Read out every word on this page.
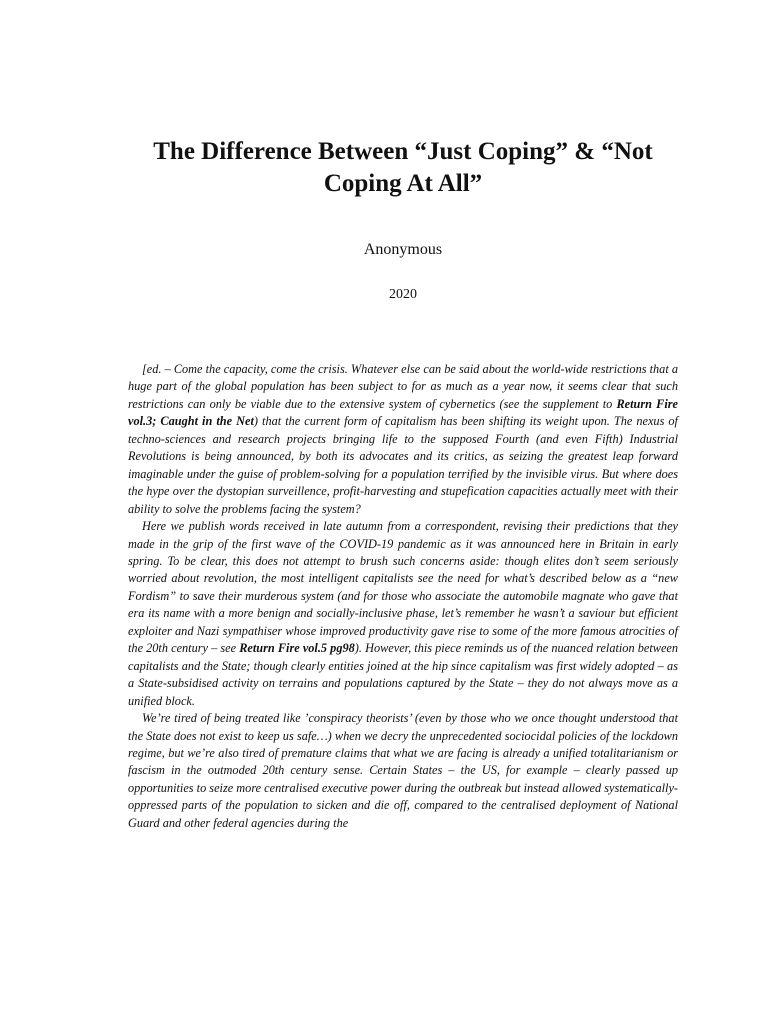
The Difference Between “Just Coping” & “Not Coping At All”
Anonymous
2020

[ed. – Come the capacity, come the crisis. Whatever else can be said about the world-wide restrictions that a huge part of the global population has been subject to for as much as a year now, it seems clear that such restrictions can only be viable due to the extensive system of cybernetics (see the supplement to Return Fire vol.3; Caught in the Net) that the current form of capitalism has been shifting its weight upon. The nexus of techno-sciences and research projects bringing life to the supposed Fourth (and even Fifth) Industrial Revolutions is being announced, by both its advocates and its critics, as seizing the greatest leap forward imaginable under the guise of problem-solving for a population terrified by the invisible virus. But where does the hype over the dystopian surveillence, profit-harvesting and stupefication capacities actually meet with their ability to solve the problems facing the system?

Here we publish words received in late autumn from a correspondent, revising their predictions that they made in the grip of the first wave of the COVID-19 pandemic as it was announced here in Britain in early spring. To be clear, this does not attempt to brush such concerns aside: though elites don’t seem seriously worried about revolution, the most intelligent capitalists see the need for what’s described below as a “new Fordism” to save their murderous system (and for those who associate the automobile magnate who gave that era its name with a more benign and socially-inclusive phase, let’s remember he wasn’t a saviour but efficient exploiter and Nazi sympathiser whose improved productivity gave rise to some of the more famous atrocities of the 20th century – see Return Fire vol.5 pg98). However, this piece reminds us of the nuanced relation between capitalists and the State; though clearly entities joined at the hip since capitalism was first widely adopted – as a State-subsidised activity on terrains and populations captured by the State – they do not always move as a unified block.

We’re tired of being treated like ’conspiracy theorists’ (even by those who we once thought understood that the State does not exist to keep us safe…) when we decry the unprecedented sociocidal policies of the lockdown regime, but we’re also tired of premature claims that what we are facing is already a unified totalitarianism or fascism in the outmoded 20th century sense. Certain States – the US, for example – clearly passed up opportunities to seize more centralised executive power during the outbreak but instead allowed systematically-oppressed parts of the population to sicken and die off, compared to the centralised deployment of National Guard and other federal agencies during the
